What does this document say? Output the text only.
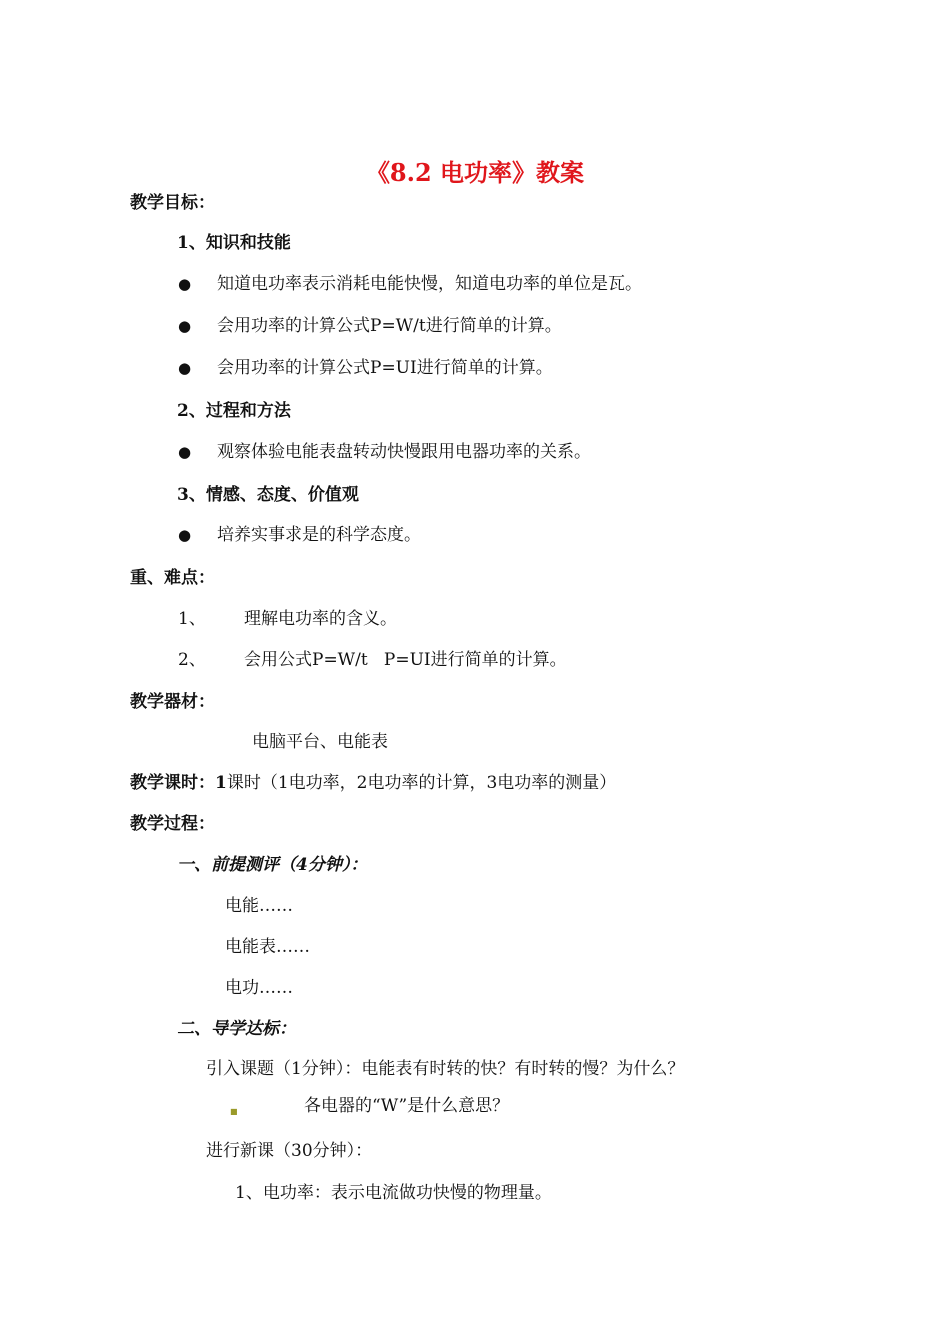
《8.2 电功率》教案
教学目标：
1、知识和技能
● 知道电功率表示消耗电能快慢，知道电功率的单位是瓦。
● 会用功率的计算公式P=W/t进行简单的计算。
● 会用功率的计算公式P=UI进行简单的计算。
2、过程和方法
● 观察体验电能表盘转动快慢跟用电器功率的关系。
3、情感、态度、价值观
● 培养实事求是的科学态度。
重、难点：
1、 理解电功率的含义。
2、 会用公式P=W/t   P=UI进行简单的计算。
教学器材：
电脑平台、电能表
教学课时：1课时（1电功率，2电功率的计算，3电功率的测量）
教学过程：
一、前提测评（4分钟）：
电能……
电能表……
电功……
二、导学达标：
引入课题（1分钟）：电能表有时转的快？有时转的慢？为什么？
■	各电器的“W”是什么意思？
进行新课（30分钟）：
1、电功率：表示电流做功快慢的物理量。
